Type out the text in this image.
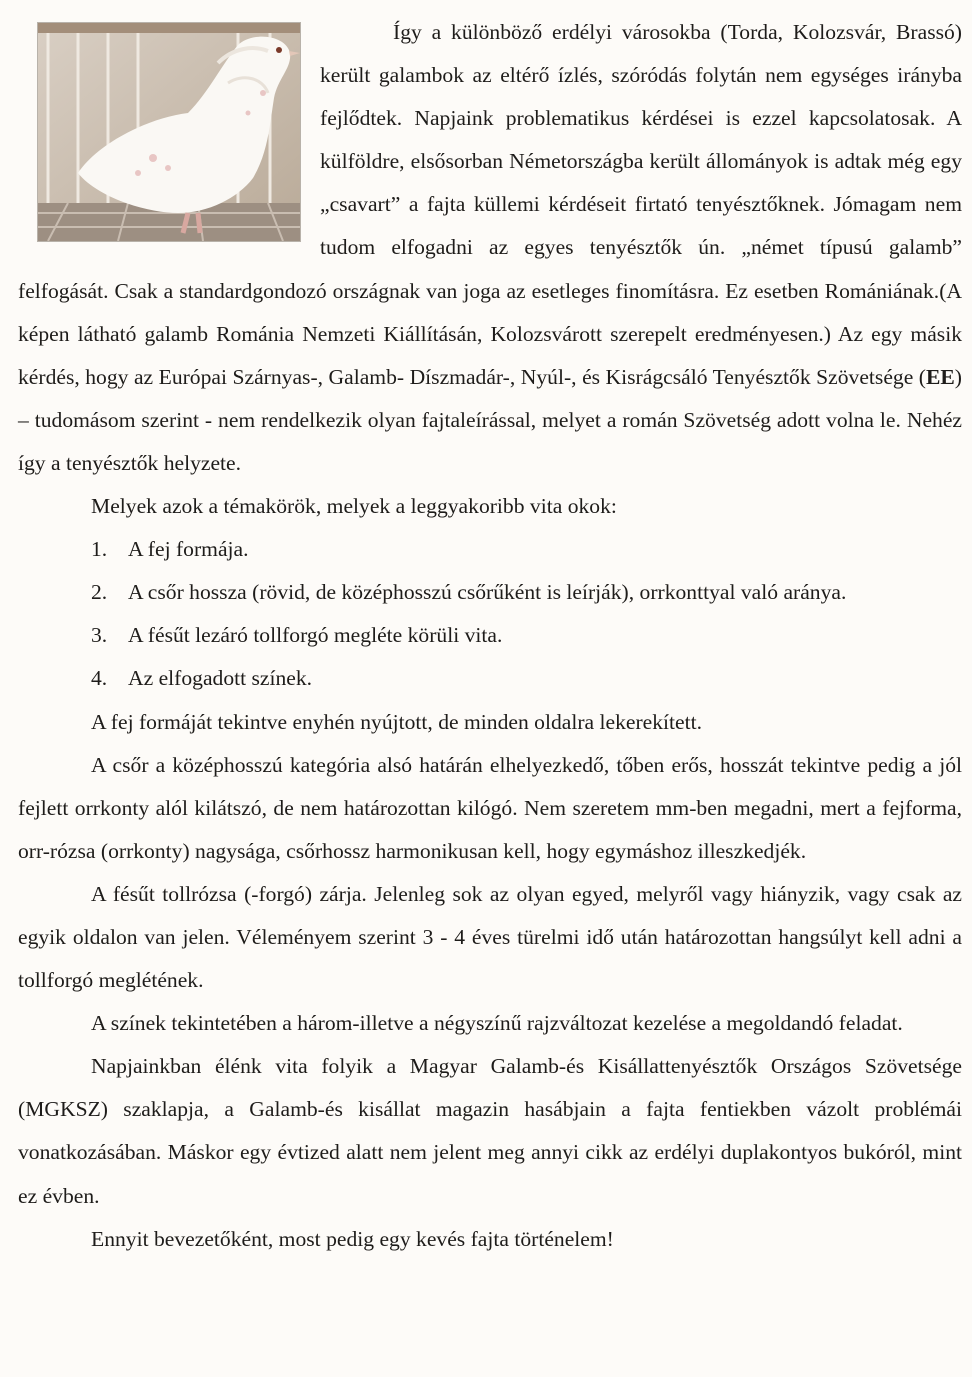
Így a különböző erdélyi városokba (Torda, Kolozsvár, Brassó) került galambok az eltérő ízlés, szóródás folytán nem egységes irányba fejlődtek. Napjaink problematikus kérdései is ezzel kapcsolatosak. A külföldre, elsősorban Németországba került állományok is adtak még egy „csavart” a fajta küllemi kérdéseit firtató tenyésztőknek. Jómagam nem tudom elfogadni az egyes tenyésztők ún. „német típusú galamb” felfogását. Csak a standardgondozó országnak van joga az esetleges finomításra. Ez esetben Romániának.(A képen látható galamb Románia Nemzeti Kiállításán, Kolozsvárott szerepelt eredményesen.) Az egy másik kérdés, hogy az Európai Szárnyas-, Galamb- Díszmadár-, Nyúl-, és Kisrágcsáló Tenyésztők Szövetsége (EE) – tudomásom szerint - nem rendelkezik olyan fajtaleírással, melyet a román Szövetség adott volna le. Nehéz így a tenyésztők helyzete.

Melyek azok a témakörök, melyek a leggyakoribb vita okok:

1. A fej formája.
2. A csőr hossza (rövid, de középhosszú csőrűként is leírják), orrkonttyal való aránya.
3. A fésűt lezáró tollforgó megléte körüli vita.
4. Az elfogadott színek.

A fej formáját tekintve enyhén nyújtott, de minden oldalra lekerekített.

A csőr a középhosszú kategória alsó határán elhelyezkedő, tőben erős, hosszát tekintve pedig a jól fejlett orrkonty alól kilátszó, de nem határozottan kilógó. Nem szeretem mm-ben megadni, mert a fejforma, orr-rózsa (orrkonty) nagysága, csőrhossz harmonikusan kell, hogy egymáshoz illeszkedjék.

A fésűt tollrózsa (-forgó) zárja. Jelenleg sok az olyan egyed, melyről vagy hiányzik, vagy csak az egyik oldalon van jelen. Véleményem szerint 3 - 4 éves türelmi idő után határozottan hangsúlyt kell adni a tollforgó meglétének.

A színek tekintetében a három-illetve a négyszínű rajzváltozat kezelése a megoldandó feladat.

Napjainkban élénk vita folyik a Magyar Galamb-és Kisállattenyésztők Országos Szövetsége (MGKSZ) szaklapja, a Galamb-és kisállat magazin hasábjain a fajta fentiekben vázolt problémái vonatkozásában. Máskor egy évtized alatt nem jelent meg annyi cikk az erdélyi duplakontyos bukóról, mint ez évben.

Ennyit bevezetőként, most pedig egy kevés fajta történelem!
